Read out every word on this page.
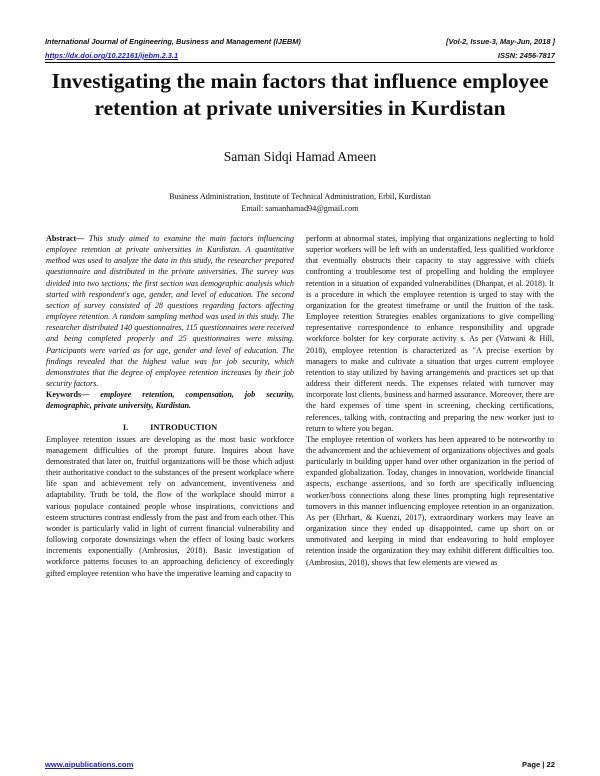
International Journal of Engineering, Business and Management (IJEBM)	[Vol-2, Issue-3, May-Jun, 2018 ]
https://dx.doi.org/10.22161/ijebm.2.3.1	ISSN: 2456-7817
Investigating the main factors that influence employee retention at private universities in Kurdistan
Saman Sidqi Hamad Ameen
Business Administration, Institute of Technical Administration, Erbil, Kurdistan
Email: samanhamad94@gmail.com

Abstract— This study aimed to examine the main factors influencing employee retention at private universities in Kurdistan. A quantitative method was used to analyze the data in this study, the researcher prepared questionnaire and distributed in the private universities. The survey was divided into two sections; the first section was demographic analysis which started with respondent's age, gender, and level of education. The second section of survey consisted of 28 questions regarding factors affecting employee retention. A random sampling method was used in this study. The researcher distributed 140 questionnaires, 115 questionnaires were received and being completed properly and 25 questionnaires were missing. Participants were varied as for age, gender and level of education. The findings revealed that the highest value was for job security, which demonstrates that the degree of employee retention increases by their job security factors.

Keywords— employee retention, compensation, job security, demographic, private university, Kurdistan.

I.	INTRODUCTION

Employee retention issues are developing as the most basic workforce management difficulties of the prompt future. Inquires about have demonstrated that later on, fruitful organizations will be those which adjust their authoritative conduct to the substances of the present workplace where life span and achievement rely on advancement, inventiveness and adaptability. Truth be told, the flow of the workplace should mirror a various populace contained people whose inspirations, convictions and esteem structures contrast endlessly from the past and from each other. This wonder is particularly valid in light of current financial vulnerability and following corporate downsizings when the effect of losing basic workers increments exponentially (Ambrosius, 2018). Basic investigation of workforce patterns focuses to an approaching deficiency of exceedingly gifted employee retention who have the imperative learning and capacity to

perform at abnormal states, implying that organizations neglecting to hold superior workers will be left with an understaffed, less qualified workforce that eventually obstructs their capacity to stay aggressive with chiefs confronting a troublesome test of propelling and holding the employee retention in a situation of expanded vulnerabilities (Dhanpat, et al. 2018). It is a procedure in which the employee retention is urged to stay with the organization for the greatest timeframe or until the fruition of the task. Employee retention Strategies enables organizations to give compelling representative correspondence to enhance responsibility and upgrade workforce bolster for key corporate activity s. As per (Vatwani & Hill, 2018), employee retention is characterized as "A precise exertion by managers to make and cultivate a situation that urges current employee retention to stay utilized by having arrangements and practices set up that address their different needs. The expenses related with turnover may incorporate lost clients, business and harmed assurance. Moreover, there are the hard expenses of time spent in screening, checking certifications, references, talking with, contracting and preparing the new worker just to return to where you began.

The employee retention of workers has been appeared to be noteworthy to the advancement and the achievement of organizations objectives and goals particularly in building upper hand over other organization in the period of expanded globalization. Today, changes in innovation, worldwide financial aspects, exchange assertions, and so forth are specifically influencing worker/boss connections along these lines prompting high representative turnovers in this manner influencing employee retention in an organization. As per (Ehrhart, & Kuenzi, 2017), extraordinary workers may leave an organization since they ended up disappointed, came up short on or unmotivated and keeping in mind that endeavoring to hold employee retention inside the organization they may exhibit different difficulties too. (Ambrosius, 2018), shows that few elements are viewed as

www.aipublications.com	Page | 22
